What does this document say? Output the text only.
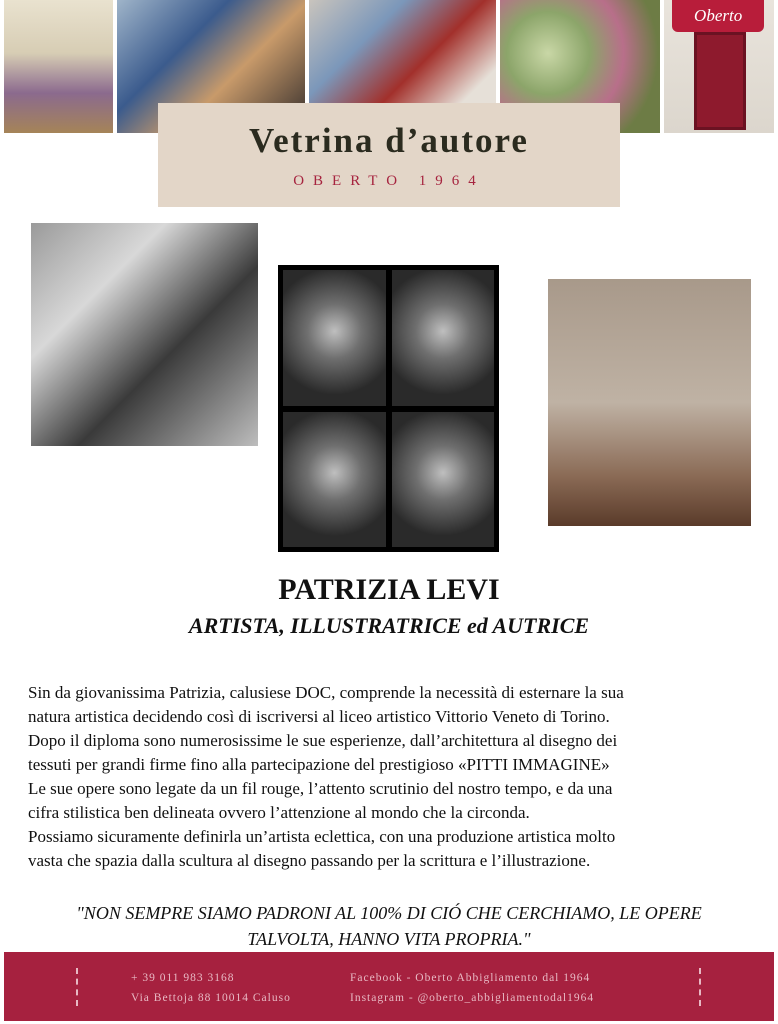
Oberto
Vetrina d’autore
OBERTO 1964
PATRIZIA LEVI
ARTISTA, ILLUSTRATRICE ed AUTRICE

Sin da giovanissima Patrizia, calusiese DOC, comprende la necessità di esternare la sua

natura artistica decidendo così di iscriversi al liceo artistico Vittorio Veneto di Torino.

Dopo il diploma sono numerosissime le sue esperienze, dall’architettura al disegno dei

tessuti per grandi firme fino alla partecipazione del prestigioso «PITTI IMMAGINE»

Le sue opere sono legate da un fil rouge, l’attento scrutinio del nostro tempo, e da una

cifra stilistica ben delineata ovvero l’attenzione al mondo che la circonda.

Possiamo sicuramente definirla un’artista eclettica, con una produzione artistica molto

vasta che spazia dalla scultura al disegno passando per la scrittura e l’illustrazione.

"NON SEMPRE SIAMO PADRONI AL 100% DI CIÓ CHE CERCHIAMO, LE OPERE
TALVOLTA, HANNO VITA PROPRIA."
+ 39 011 983 3168
Via Bettoja 88 10014 Caluso
Facebook - Oberto Abbigliamento dal 1964
Instagram - @oberto_abbigliamentodal1964
